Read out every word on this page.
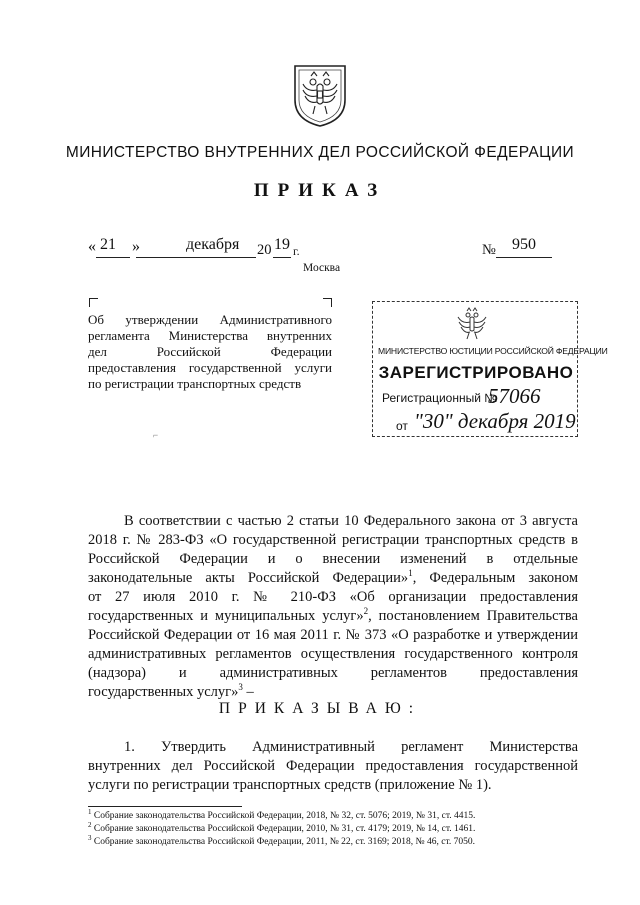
МИНИСТЕРСТВО ВНУТРЕННИХ ДЕЛ РОССИЙСКОЙ ФЕДЕРАЦИИ
ПРИКАЗ
« 21 »	декабря 20 19 г.	№ 950
Москва
Об утверждении Административного
регламента Министерства внутренних
дел Российской Федерации
предоставления государственной услуги
по регистрации транспортных средств
⌐
МИНИСТЕРСТВО ЮСТИЦИИ РОССИЙСКОЙ ФЕДЕРАЦИИ
ЗАРЕГИСТРИРОВАНО
Регистрационный №
57066
от "30" декабря 2019
В соответствии с частью 2 статьи 10 Федерального закона от 3 августа
2018 г. № 283-ФЗ «О государственной регистрации транспортных средств в
Российской Федерации и о внесении изменений в отдельные
законодательные акты Российской Федерации»$^1$, Федеральным законом
от 27 июля 2010 г. № 210-ФЗ «Об организации предоставления
государственных и муниципальных услуг»$^2$, постановлением Правительства
Российской Федерации от 16 мая 2011 г. № 373 «О разработке и утверждении
административных регламентов осуществления государственного контроля
(надзора) и административных регламентов предоставления
государственных услуг»$^3$ –
ПРИКАЗЫВАЮ:
1. Утвердить Административный регламент Министерства
внутренних дел Российской Федерации предоставления государственной
услуги по регистрации транспортных средств (приложение № 1).
$^1$ Собрание законодательства Российской Федерации, 2018, № 32, ст. 5076; 2019, № 31, ст. 4415.
$^2$ Собрание законодательства Российской Федерации, 2010, № 31, ст. 4179; 2019, № 14, ст. 1461.
$^3$ Собрание законодательства Российской Федерации, 2011, № 22, ст. 3169; 2018, № 46, ст. 7050.
